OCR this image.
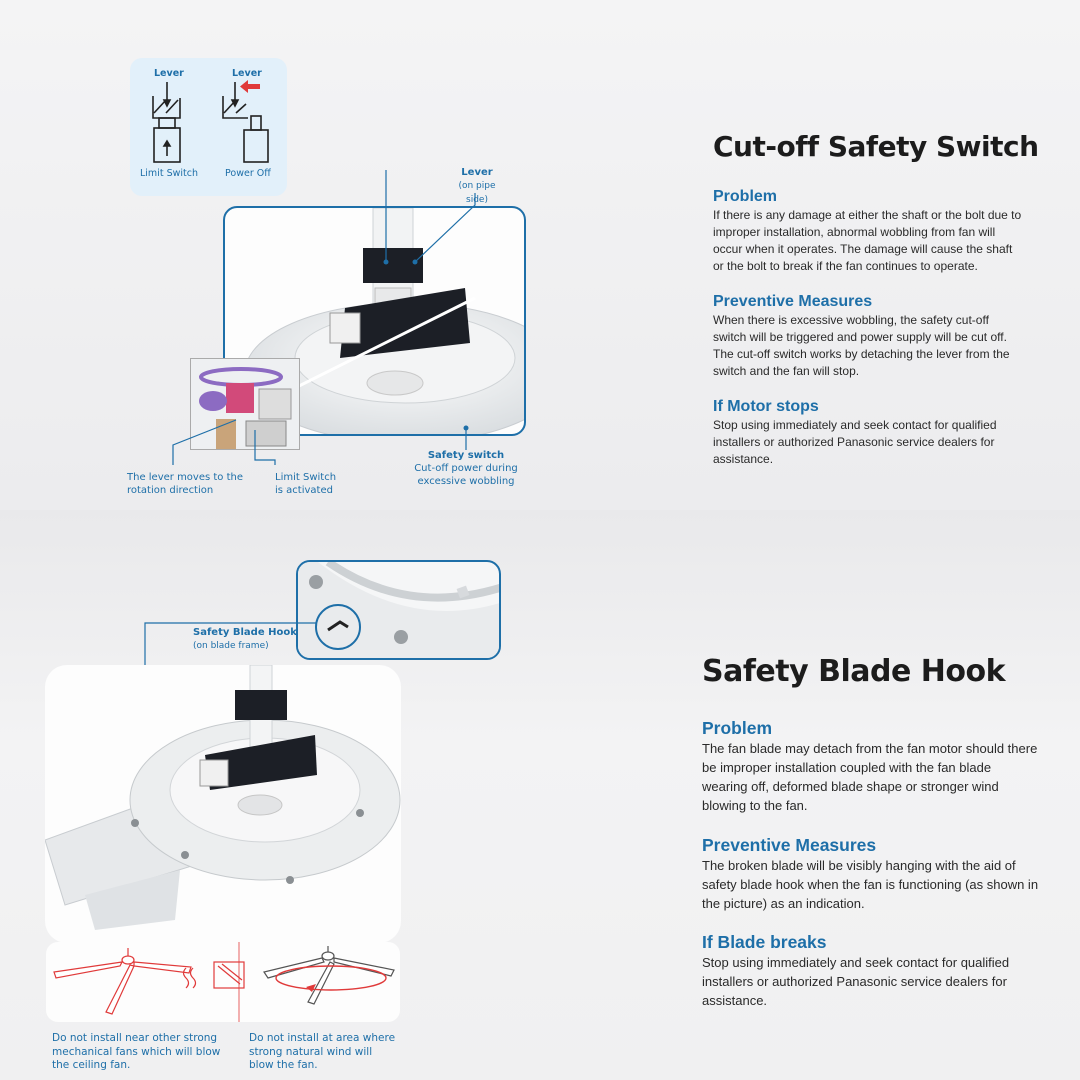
Lever	Lever
Limit Switch	Power Off	Lever
(on pipe side)
The lever moves to the
rotation direction
Limit Switch
is activated
Safety switch
Cut-off power during
excessive wobbling
Cut-off Safety Switch
Problem
If there is any damage at either the shaft or the bolt due to
improper installation, abnormal wobbling from fan will
occur when it operates. The damage will cause the shaft
or the bolt to break if the fan continues to operate.
Preventive Measures
When there is excessive wobbling, the safety cut-off
switch will be triggered and power supply will be cut off.
The cut-off switch works by detaching the lever from the
switch and the fan will stop.
If Motor stops
Stop using immediately and seek contact for qualified
installers or authorized Panasonic service dealers for
assistance.
Safety Blade Hook
(on blade frame)
Do not install near other strong
mechanical fans which will blow
the ceiling fan.
Do not install at area where
strong natural wind will
blow the fan.
Safety Blade Hook
Problem
The fan blade may detach from the fan motor should there
be improper installation coupled with the fan blade
wearing off, deformed blade shape or stronger wind
blowing to the fan.
Preventive Measures
The broken blade will be visibly hanging with the aid of
safety blade hook when the fan is functioning (as shown in
the picture) as an indication.
If Blade breaks
Stop using immediately and seek contact for qualified
installers or authorized Panasonic service dealers for
assistance.
